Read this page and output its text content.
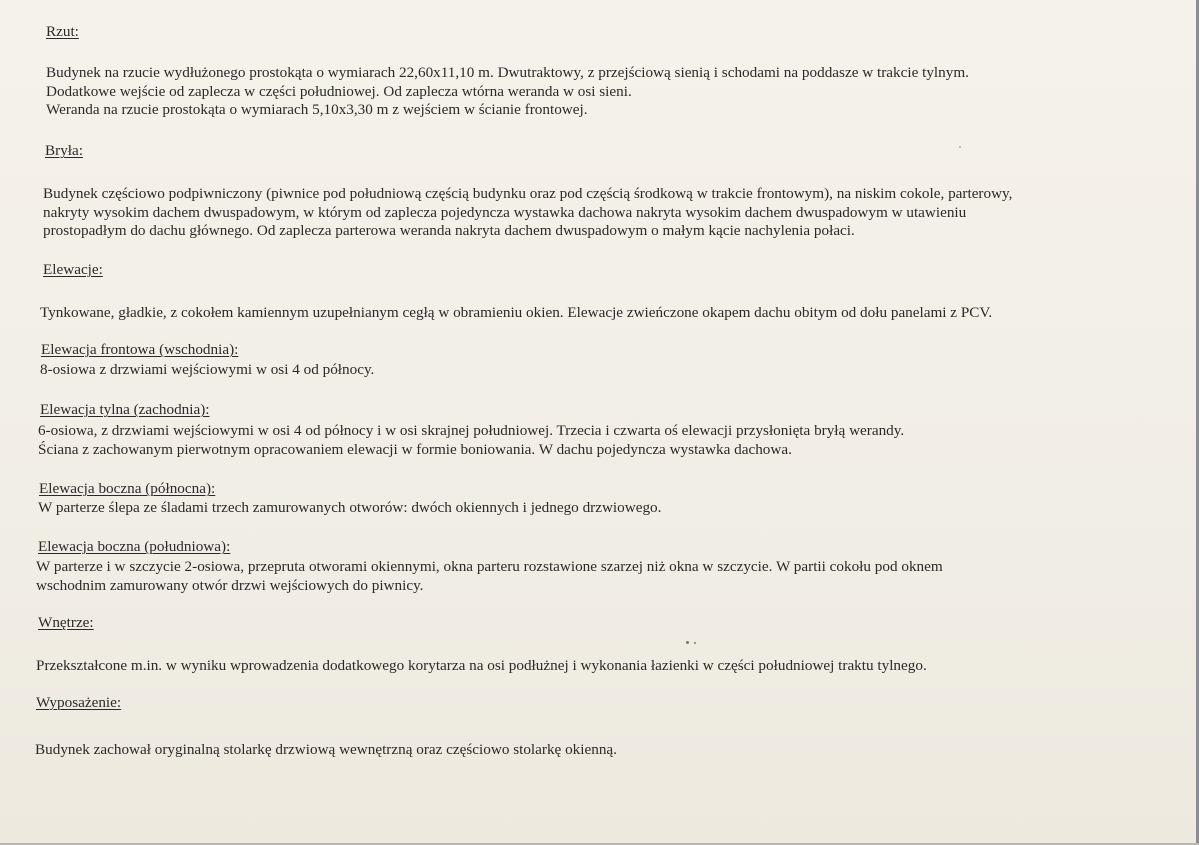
Rzut:
Budynek na rzucie wydłużonego prostokąta o wymiarach 22,60x11,10 m. Dwutraktowy, z przejściową sienią i schodami na poddasze w trakcie tylnym.
Dodatkowe wejście od zaplecza w części południowej. Od zaplecza wtórna weranda w osi sieni.
Weranda na rzucie prostokąta o wymiarach 5,10x3,30 m z wejściem w ścianie frontowej.
Bryła:
Budynek częściowo podpiwniczony (piwnice pod południową częścią budynku oraz pod częścią środkową w trakcie frontowym), na niskim cokole, parterowy,
nakryty wysokim dachem dwuspadowym, w którym od zaplecza pojedyncza wystawka dachowa nakryta wysokim dachem dwuspadowym w utawieniu
prostopadłym do dachu głównego. Od zaplecza parterowa weranda nakryta dachem dwuspadowym o małym kącie nachylenia połaci.
Elewacje:
Tynkowane, gładkie, z cokołem kamiennym uzupełnianym cegłą w obramieniu okien. Elewacje zwieńczone okapem dachu obitym od dołu panelami z PCV.
Elewacja frontowa (wschodnia):
8-osiowa z drzwiami wejściowymi w osi 4 od północy.
Elewacja tylna (zachodnia):
6-osiowa, z drzwiami wejściowymi w osi 4 od północy i w osi skrajnej południowej. Trzecia i czwarta oś elewacji przysłonięta bryłą werandy.
Ściana z zachowanym pierwotnym opracowaniem elewacji w formie boniowania. W dachu pojedyncza wystawka dachowa.
Elewacja boczna (północna):
W parterze ślepa ze śladami trzech zamurowanych otworów: dwóch okiennych i jednego drzwiowego.
Elewacja boczna (południowa):
W parterze i w szczycie 2-osiowa, przepruta otworami okiennymi, okna parteru rozstawione szarzej niż okna w szczycie. W partii cokołu pod oknem
wschodnim zamurowany otwór drzwi wejściowych do piwnicy.
Wnętrze:
Przekształcone m.in. w wyniku wprowadzenia dodatkowego korytarza na osi podłużnej i wykonania łazienki w części południowej traktu tylnego.
Wyposażenie:
Budynek zachował oryginalną stolarkę drzwiową wewnętrzną oraz częściowo stolarkę okienną.
